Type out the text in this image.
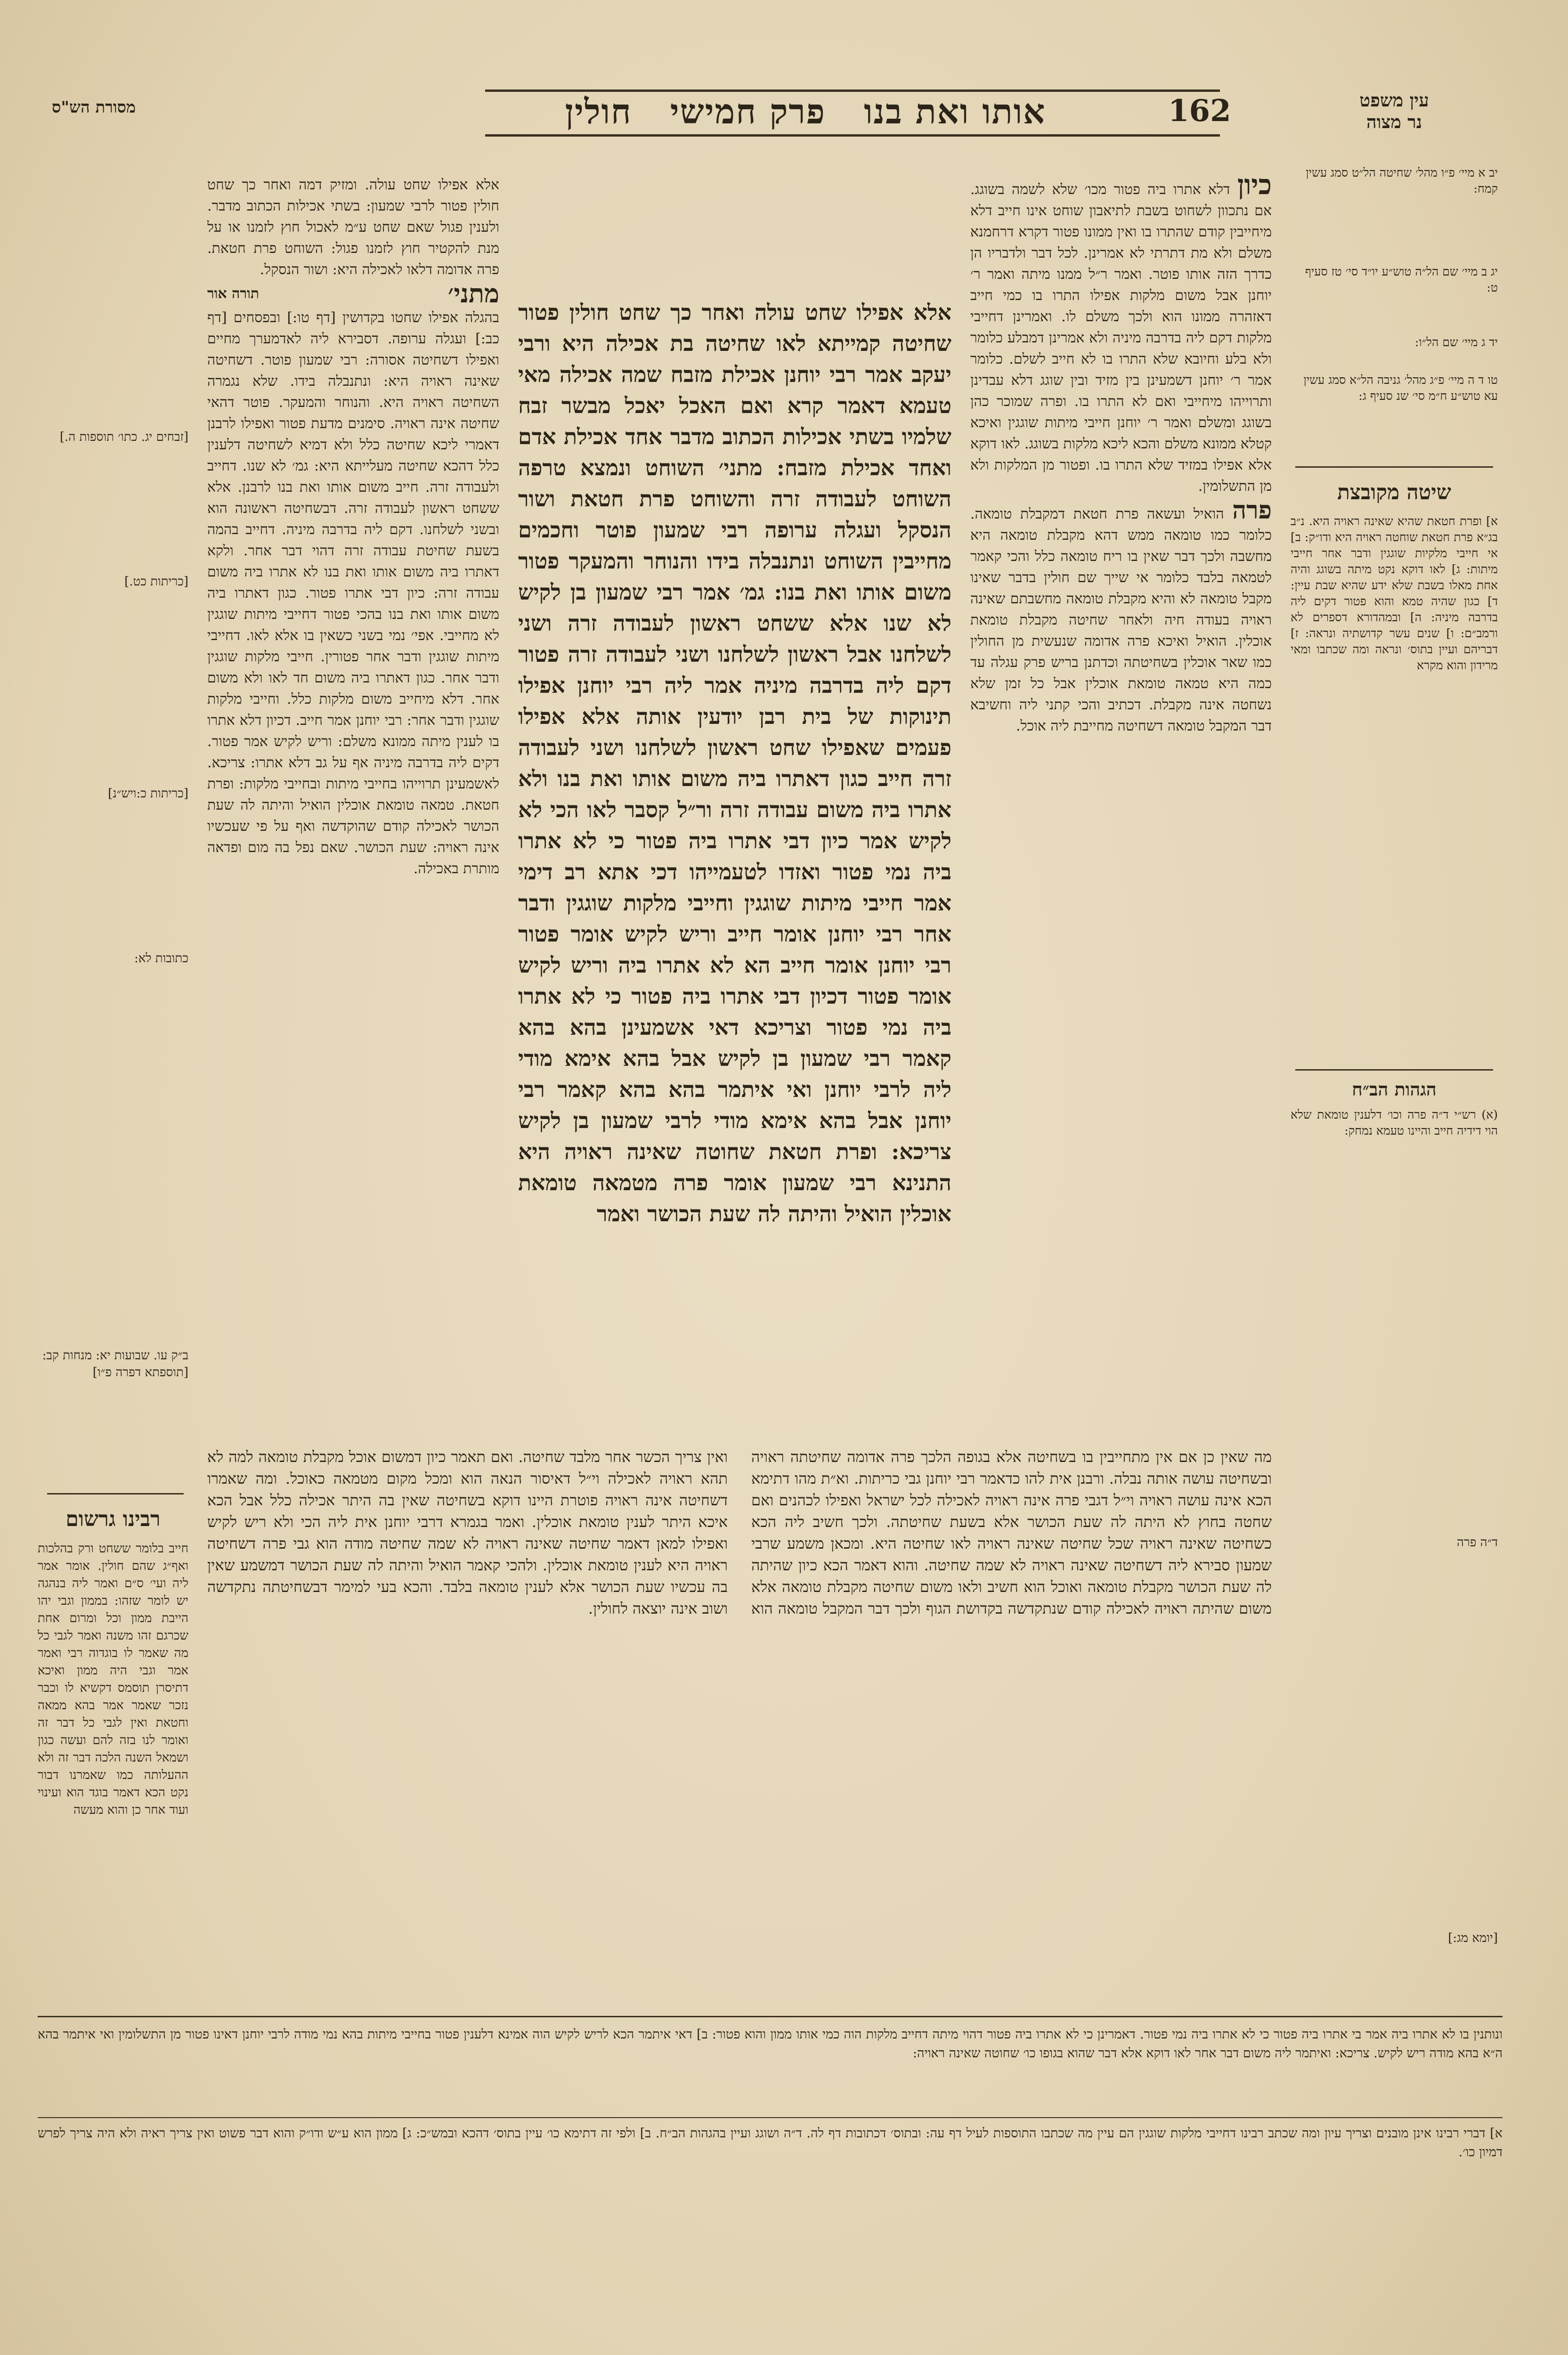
מסורת הש"ס	אותו ואת בנו   פרק חמישי   חולין	162	עין משפט
נר מצוה
[זבחים יג. כתו׳ תוספות ה.]
[כריתות כט.]
[כריתות כ:ויש״נ]
כתובות לא:
ב״ק עו. שבועות יא: מנחות קב: [תוספתא דפרה פ״ו]
רבינו גרשום

חייב בלומר ששחט ורק בהלכות ואף״ג שהם חולין. אומר אמר ליה ועי׳ ס״ם ואמר ליה בנהגה יש לומר שזהו: בממון וגבי יהו הייבת ממון וכל ומרום אחת שכרגם זהו משנה ואמר לגבי כל מה שאמר לו בוגדוה רבי ואמר אמר וגבי היה ממון ואיכא דתיסרן תוסמס דקשיא לו וכבר נזכר שאמר אמר בהא ממאה וחטאת ואין לגבי כל דבר זה ואומר לנו בזה להם ועשה כגון ושמאל השנה הלכה דבר זה ולא ההעלותה כמו שאמרנו דבור נקט הכא דאמר בוגד הוא ועינוי ועוד אחר כן והוא מעשה

אלא אפילו שחט עולה. ומזיק דמה ואחר כך שחט חולין פטור לרבי שמעון: בשתי אכילות הכתוב מדבר. ולענין פגול שאם שחט ע״מ לאכול חוץ לזמנו או על מנת להקטיר חוץ לזמנו פגול: השוחט פרת חטאת. פרה אדומה דלאו לאכילה היא: ושור הנסקל.

מתני׳
תורה אור

בהגלה אפילו שחטו בקדושין [דף טו:] ובפסחים [דף כב:] ועגלה ערופה. דסבירא ליה לאדמערך מחיים ואפילו דשחיטה אסורה: רבי שמעון פוטר. דשחיטה שאינה ראויה היא: ונתנבלה בידו. שלא נגמרה השחיטה ראויה היא. והנוחר והמעקר. פוטר דהאי שחיטה אינה ראויה. סימנים מדעת פטור ואפילו לרבנן דאמרי ליכא שחיטה כלל ולא דמיא לשחיטה דלענין כלל דהכא שחיטה מעלייתא היא: גמ׳ לא שנו. דחייב ולעבודה זרה. חייב משום אותו ואת בנו לרבנן. אלא ששחט ראשון לעבודה זרה. דבשחיטה ראשונה הוא ובשני לשלחנו. דקם ליה בדרבה מיניה. דחייב בהמה בשעת שחיטת עבודה זרה דהוי דבר אחר. ולקא דאתרו ביה משום אותו ואת בנו לא אתרו ביה משום עבודה זרה: כיון דבי אתרו פטור. כגון דאתרו ביה משום אותו ואת בנו בהכי פטור דחייבי מיתות שוגגין לא מחייבי. אפי׳ נמי בשני כשאין בו אלא לאו. דחייבי מיתות שוגגין ודבר אחר פטורין. חייבי מלקות שוגגין ודבר אחר. כגון דאתרו ביה משום חד לאו ולא משום אחר. דלא מיחייב משום מלקות כלל. וחייבי מלקות שוגגין ודבר אחר: רבי יוחנן אמר חייב. דכיון דלא אתרו בו לענין מיתה ממונא משלם: וריש לקיש אמר פטור. דקים ליה בדרבה מיניה אף על גב דלא אתרו: צריכא. לאשמעינן תרוייהו בחייבי מיתות ובחייבי מלקות: ופרת חטאת. טמאה טומאת אוכלין הואיל והיתה לה שעת הכושר לאכילה קודם שהוקדשה ואף על פי שעכשיו אינה ראויה: שעת הכושר. שאם נפל בה מום ופדאה מותרת באכילה.

אלא אפילו שחט עולה ואחר כך שחט חולין פטור שחיטה קמייתא לאו שחיטה בת אכילה היא ורבי יעקב אמר רבי יוחנן אכילת מזבח שמה אכילה מאי טעמא דאמר קרא ואם האכל יאכל מבשר זבח שלמיו בשתי אכילות הכתוב מדבר אחד אכילת אדם ואחד אכילת מזבח: מתני׳ השוחט ונמצא טרפה השוחט לעבודה זרה והשוחט פרת חטאת ושור הנסקל ועגלה ערופה רבי שמעון פוטר וחכמים מחייבין השוחט ונתנבלה בידו והנוחר והמעקר פטור משום אותו ואת בנו: גמ׳ אמר רבי שמעון בן לקיש לא שנו אלא ששחט ראשון לעבודה זרה ושני לשלחנו אבל ראשון לשלחנו ושני לעבודה זרה פטור דקם ליה בדרבה מיניה אמר ליה רבי יוחנן אפילו תינוקות של בית רבן יודעין אותה אלא אפילו פעמים שאפילו שחט ראשון לשלחנו ושני לעבודה זרה חייב כגון דאתרו ביה משום אותו ואת בנו ולא אתרו ביה משום עבודה זרה ור״ל קסבר לאו הכי לא לקיש אמר כיון דבי אתרו ביה פטור כי לא אתרו ביה נמי פטור ואזדו לטעמייהו דכי אתא רב דימי אמר חייבי מיתות שוגגין וחייבי מלקות שוגגין ודבר אחר רבי יוחנן אומר חייב וריש לקיש אומר פטור רבי יוחנן אומר חייב הא לא אתרו ביה וריש לקיש אומר פטור דכיון דבי אתרו ביה פטור כי לא אתרו ביה נמי פטור וצריכא דאי אשמעינן בהא בהא קאמר רבי שמעון בן לקיש אבל בהא אימא מודי ליה לרבי יוחנן ואי איתמר בהא בהא קאמר רבי יוחנן אבל בהא אימא מודי לרבי שמעון בן לקיש צריכא: ופרת חטאת שחוטה שאינה ראויה היא התנינא רבי שמעון אומר פרה מטמאה טומאת אוכלין הואיל והיתה לה שעת הכושר ואמר

כיון דלא אתרו ביה פטור מכו׳ שלא לשמה בשוגג. אם נתכוון לשחוט בשבת לתיאבון שוחט אינו חייב דלא מיחייבין קודם שהתרו בו ואין ממונו פטור דקרא דרחמנא משלם ולא מת דתרתי לא אמרינן. לכל דבר ולדבריו הן כדרך הזה אותו פוטר. ואמר ר״ל ממנו מיתה ואמר ר׳ יוחנן אבל משום מלקות אפילו התרו בו כמי חייב דאזהרה ממונו הוא ולכך משלם לו. ואמרינן דחייבי מלקות דקם ליה בדרבה מיניה ולא אמרינן דמבלע כלומר ולא בלע וחיובא שלא התרו בו לא חייב לשלם. כלומר אמר ר׳ יוחנן דשמעינן בין מזיד ובין שוגג דלא עבדינן ותרוייהו מיחייבי ואם לא התרו בו. ופרה שמוכר כהן בשוגג ומשלם ואמר ר׳ יוחנן חייבי מיתות שוגגין ואיכא קטלא ממונא משלם והכא ליכא מלקות בשוגג. לאו דוקא אלא אפילו במזיד שלא התרו בו. ופטור מן המלקות ולא מן התשלומין.

פרה הואיל ועשאה פרת חטאת דמקבלת טומאה. כלומר כמו טומאה ממש דהא מקבלת טומאה היא מחשבה ולכך דבר שאין בו ריח טומאה כלל והכי קאמר לטמאה בלבד כלומר אי שייך שם חולין בדבר שאינו מקבל טומאה לא והיא מקבלת טומאה מחשבתם שאינה ראויה בעודה חיה ולאחר שחיטה מקבלת טומאת אוכלין. הואיל ואיכא פרה אדומה שנעשית מן החולין כמו שאר אוכלין בשחיטתה וכדתנן בריש פרק עגלה עד כמה היא טמאה טומאת אוכלין אבל כל זמן שלא נשחטה אינה מקבלת. דכתיב והכי קתני ליה וחשיבא דבר המקבל טומאה דשחיטה מחייבת ליה אוכל.

מה שאין כן אם אין מתחייבין בו בשחיטה אלא בגופה הלכך פרה אדומה שחיטתה ראויה ובשחיטה עושה אותה נבלה. ורבנן אית להו כדאמר רבי יוחנן גבי כריתות. וא״ת מהו דתימא הכא אינה עושה ראויה וי״ל דגבי פרה אינה ראויה לאכילה לכל ישראל ואפילו לכהנים ואם שחטה בחוץ לא היתה לה שעת הכושר אלא בשעת שחיטתה. ולכך חשיב ליה הכא כשחיטה שאינה ראויה שכל שחיטה שאינה ראויה לאו שחיטה היא. ומכאן משמע שרבי שמעון סבירא ליה דשחיטה שאינה ראויה לא שמה שחיטה. והוא דאמר הכא כיון שהיתה לה שעת הכושר מקבלת טומאה ואוכל הוא חשיב ולאו משום שחיטה מקבלת טומאה אלא משום שהיתה ראויה לאכילה קודם שנתקדשה בקדושת הגוף ולכך דבר המקבל טומאה הוא ואין צריך הכשר אחר מלבד שחיטה. ואם תאמר כיון דמשום אוכל מקבלת טומאה למה לא תהא ראויה לאכילה וי״ל דאיסור הנאה הוא ומכל מקום מטמאה כאוכל. ומה שאמרו דשחיטה אינה ראויה פוטרת היינו דוקא בשחיטה שאין בה היתר אכילה כלל אבל הכא איכא היתר לענין טומאת אוכלין. ואמר בגמרא דרבי יוחנן אית ליה הכי ולא ריש לקיש ואפילו למאן דאמר שחיטה שאינה ראויה לא שמה שחיטה מודה הוא גבי פרה דשחיטה ראויה היא לענין טומאת אוכלין. ולהכי קאמר הואיל והיתה לה שעת הכושר דמשמע שאין בה עכשיו שעת הכושר אלא לענין טומאה בלבד. והכא בעי למימר דבשחיטתה נתקדשה ושוב אינה יוצאה לחולין.

יב א מיי׳ פ״ו מהל׳ שחיטה הל״ט סמג עשין קמח:
יג ב מיי׳ שם הל״ה טוש״ע יו״ד סי׳ טז סעיף ט:
יד ג מיי׳ שם הל״ו:
טו ד ה מיי׳ פ״ג מהל׳ גניבה הל״א סמג עשין עא טוש״ע ח״מ סי׳ שנ סעיף ג:
שיטה מקובצת

א] ופרת חטאת שהיא שאינה ראויה היא. נ״ב בג״א פרת חטאת שוחטה ראויה היא ודו״ק: ב] אי חייבי מלקיות שוגגין ודבר אחר חייבי מיתות: ג] לאו דוקא נקט מיתה בשוגג והיה אחת מאלו בשבת שלא ידע שהיא שבת עיין: ד] כגון שהיה טמא והוא פטור דקים ליה בדרבה מיניה: ה] ובמהדורא דספרים לא ורמב״ם: ו] שנים עשר קדושתיה ונראה: ז] דבריהם ועיין בתוס׳ ונראה ומה שכתבו ומאי מרידון והוא מקרא

הגהות הב״ח

(א) רש״י ד״ה פרה וכו׳ דלענין טומאת שלא הוי דידיה חייב והיינו טעמא נמחק:

ד״ה פרה
[יומא מג:]

ונותנין בו לא אתרו ביה אמר בי אתרו ביה פטור כי לא אתרו ביה נמי פטור. דאמרינן כי לא אתרו ביה פטור דהוי מיתה דחייב מלקות הוה כמי אותו ממון והוא פטור: ב] דאי איתמר הכא לריש לקיש הוה אמינא דלענין פטור בחייבי מיתות בהא נמי מודה לרבי יוחנן דאינו פטור מן התשלומין ואי איתמר בהא ה״א בהא מודה ריש לקיש. צריכא: ואיתמר ליה משום דבר אחר לאו דוקא אלא דבר שהוא בגופו כו׳ שחוטה שאינה ראויה:

א] דברי רבינו אינן מובנים וצריך עיון ומה שכתב רבינו דחייבי מלקות שוגגין הם עיין מה שכתבו התוספות לעיל דף עה: ובתוס׳ דכתובות דף לה. ד״ה ושוגג ועיין בהגהות הב״ח. ב] ולפי זה דתימא כו׳ עיין בתוס׳ דהכא ובמש״כ: ג] ממון הוא ע״ש ודו״ק והוא דבר פשוט ואין צריך ראיה ולא היה צריך לפרש דמיון כו׳.
